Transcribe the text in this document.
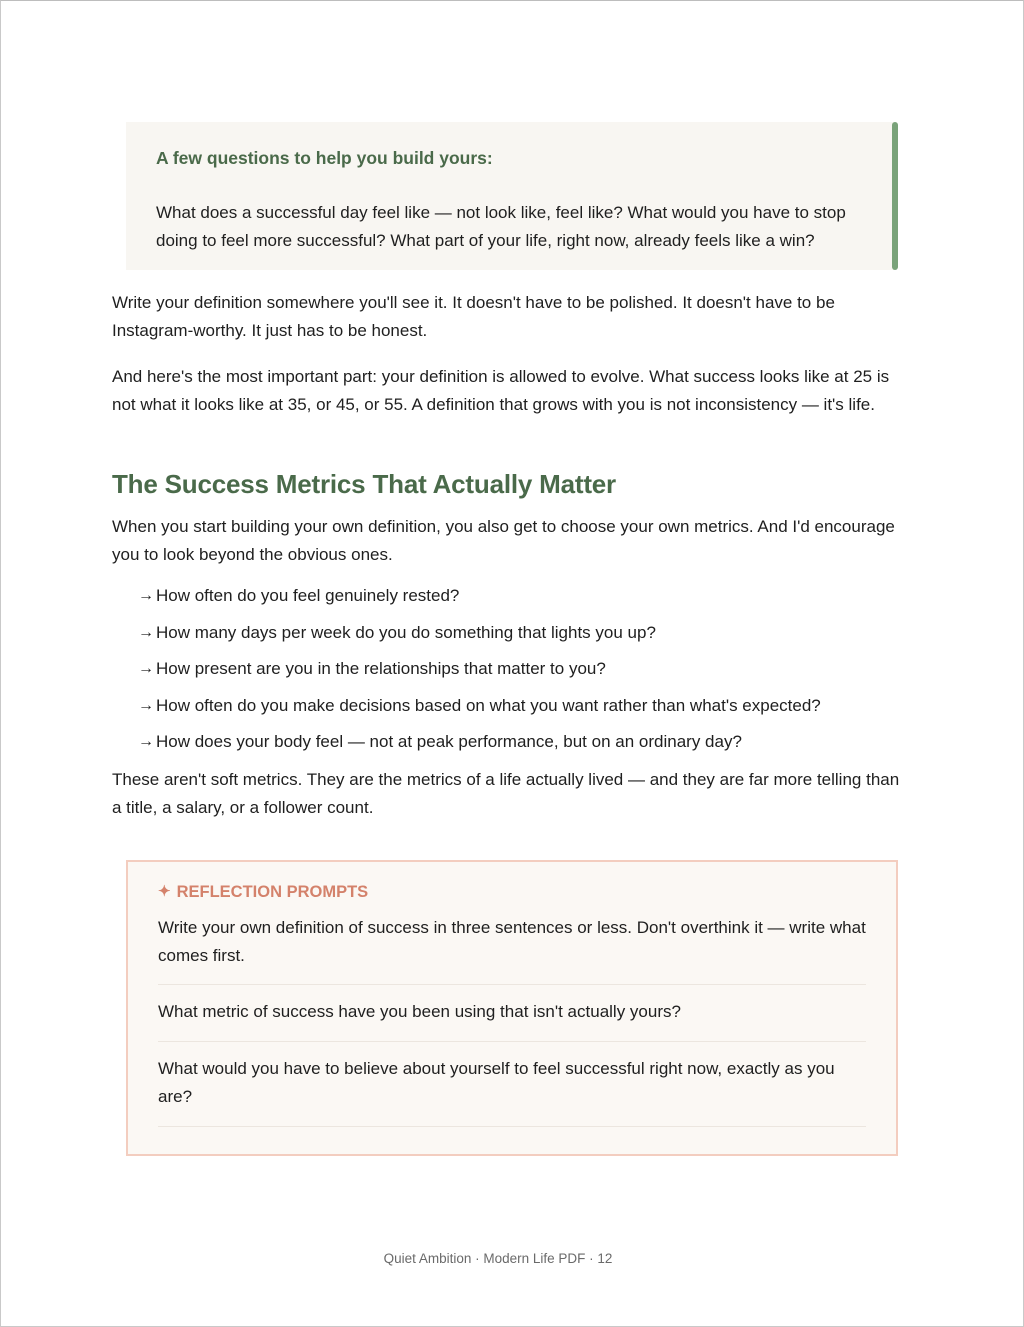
A few questions to help you build yours:

What does a successful day feel like — not look like, feel like? What would you have to stop doing to feel more successful? What part of your life, right now, already feels like a win?

Write your definition somewhere you'll see it. It doesn't have to be polished. It doesn't have to be Instagram-worthy. It just has to be honest.

And here's the most important part: your definition is allowed to evolve. What success looks like at 25 is not what it looks like at 35, or 45, or 55. A definition that grows with you is not inconsistency — it's life.

The Success Metrics That Actually Matter

When you start building your own definition, you also get to choose your own metrics. And I'd encourage you to look beyond the obvious ones.

→ How often do you feel genuinely rested?
→ How many days per week do you do something that lights you up?
→ How present are you in the relationships that matter to you?
→ How often do you make decisions based on what you want rather than what's expected?
→ How does your body feel — not at peak performance, but on an ordinary day?

These aren't soft metrics. They are the metrics of a life actually lived — and they are far more telling than a title, a salary, or a follower count.

✦ REFLECTION PROMPTS

Write your own definition of success in three sentences or less. Don't overthink it — write what comes first.
What metric of success have you been using that isn't actually yours?
What would you have to believe about yourself to feel successful right now, exactly as you are?
Quiet Ambition · Modern Life PDF · 12
